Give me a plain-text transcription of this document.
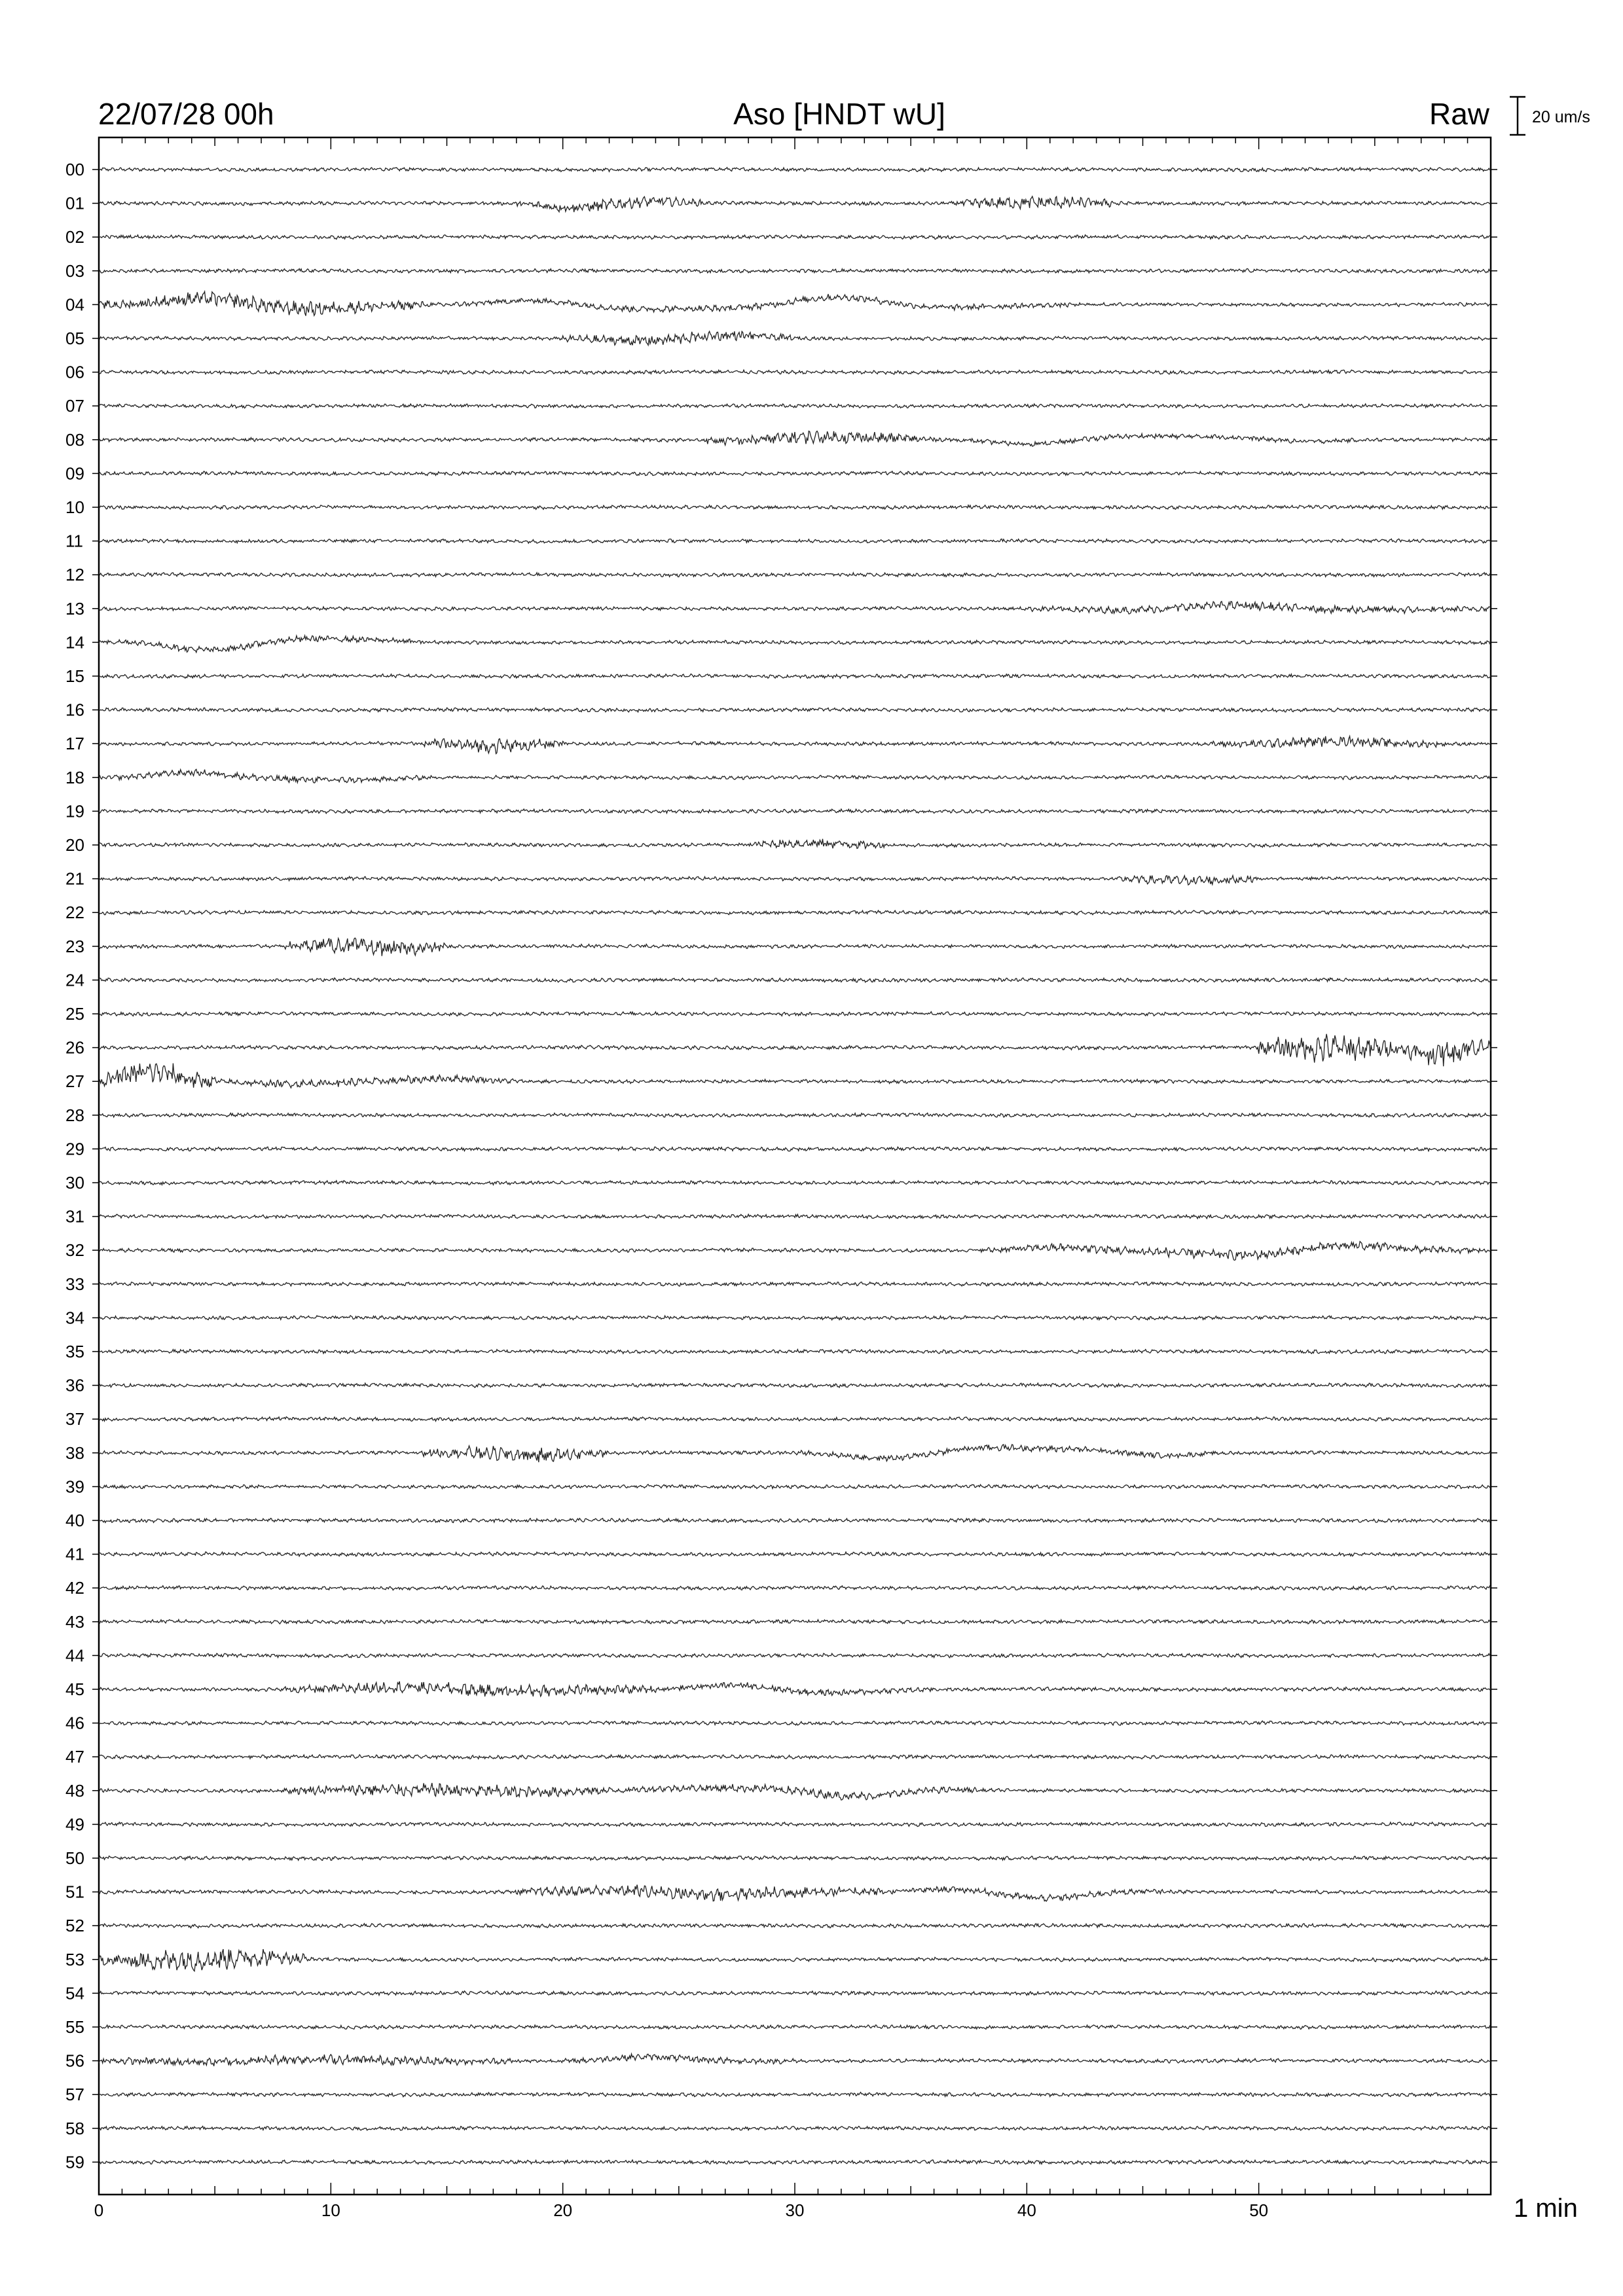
22/07/28 00h	Aso [HNDT wU]	Raw	20 um/s
00
01
02
03
04
05
06
07
08
09
10
11
12
13
14
15
16
17
18
19
20
21
22
23
24
25
26
27
28
29
30
31
32
33
34
35
36
37
38
39
40
41
42
43
44
45
46
47
48
49
50
51
52
53
54
55
56
57
58
59
0	10	20	30	40	50	1 min
